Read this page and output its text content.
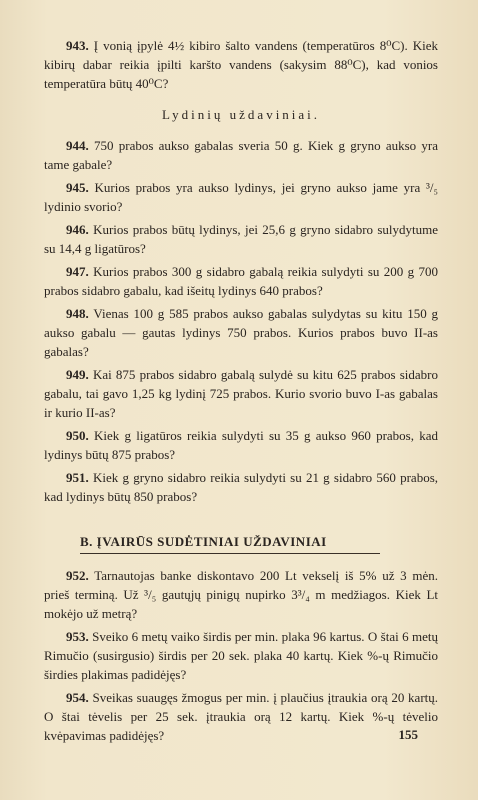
943. Į vonią įpylė 4½ kibiro šalto vandens (temperatūros 8⁰C). Kiek kibirų dabar reikia įpilti karšto vandens (sakysim 88⁰C), kad vonios temperatūra būtų 40⁰C?

Lydinių uždaviniai.

944. 750 prabos aukso gabalas sveria 50 g. Kiek g gryno aukso yra tame gabale?

945. Kurios prabos yra aukso lydinys, jei gryno aukso jame yra ³/₅ lydinio svorio?

946. Kurios prabos būtų lydinys, jei 25,6 g gryno sidabro sulydytume su 14,4 g ligatūros?

947. Kurios prabos 300 g sidabro gabalą reikia sulydyti su 200 g 700 prabos sidabro gabalu, kad išeitų lydinys 640 prabos?

948. Vienas 100 g 585 prabos aukso gabalas sulydytas su kitu 150 g aukso gabalu — gautas lydinys 750 prabos. Kurios prabos buvo II-as gabalas?

949. Kai 875 prabos sidabro gabalą sulydė su kitu 625 prabos sidabro gabalu, tai gavo 1,25 kg lydinį 725 prabos. Kurio svorio buvo I-as gabalas ir kurio II-as?

950. Kiek g ligatūros reikia sulydyti su 35 g aukso 960 prabos, kad lydinys būtų 875 prabos?

951. Kiek g gryno sidabro reikia sulydyti su 21 g sidabro 560 prabos, kad lydinys būtų 850 prabos?

B. ĮVAIRŪS SUDĖTINIAI UŽDAVINIAI

952. Tarnautojas banke diskontavo 200 Lt vekselį iš 5% už 3 mėn. prieš terminą. Už ³/₅ gautųjų pinigų nupirko 3³/₄ m medžiagos. Kiek Lt mokėjo už metrą?

953. Sveiko 6 metų vaiko širdis per min. plaka 96 kartus. O štai 6 metų Rimučio (susirgusio) širdis per 20 sek. plaka 40 kartų. Kiek %-ų Rimučio širdies plakimas padidėjęs?

954. Sveikas suaugęs žmogus per min. į plaučius įtraukia orą 20 kartų. O štai tėvelis per 25 sek. įtraukia orą 12 kartų. Kiek %-ų tėvelio kvėpavimas padidėjęs?	155
